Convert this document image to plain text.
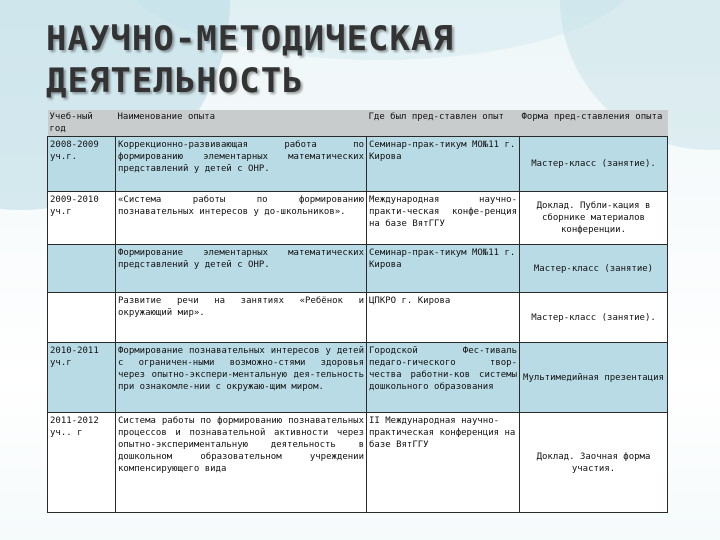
НАУЧНО-МЕТОДИЧЕСКАЯ
ДЕЯТЕЛЬНОСТЬ
Учеб-ный год	Наименование опыта	Где был пред-ставлен опыт	Форма пред-ставления опыта
2008-2009 уч.г.	Коррекционно-развивающая работа по формированию элементарных математических представлений у детей с ОНР.	Семинар-прак-тикум МО№11 г. Кирова	Мастер-класс (занятие).
2009-2010 уч.г	«Система работы по формированию познавательных интересов у до-школьников».	Международная научно-практи-ческая конфе-ренция на базе ВятГГУ	Доклад. Публи-кация в сборнике материалов конференции.
	Формирование элементарных математических представлений у детей с ОНР.	Семинар-прак-тикум МО№11 г. Кирова	Мастер-класс (занятие)
	Развитие речи на занятиях «Ребёнок и окружающий мир».	ЦПКРО г. Кирова	Мастер-класс (занятие).
2010-2011 уч.г	Формирование познавательных интересов у детей с ограничен-ными возможно-стями здоровья через опытно-экспери-ментальную дея-тельность при ознакомле-нии с окружаю-щим миром.	Городской Фес-тиваль педаго-гического твор-чества работни-ков системы дошкольного образования	Мультимедийная презентация
2011-2012 уч.. г	Система работы по формированию познавательных процессов и познавательной активности через опытно-экспериментальную деятельность в дошкольном образовательном учреждении компенсирующего вида	II Международная научно-практическая конференция на базе ВятГГУ	Доклад. Заочная форма участия.
